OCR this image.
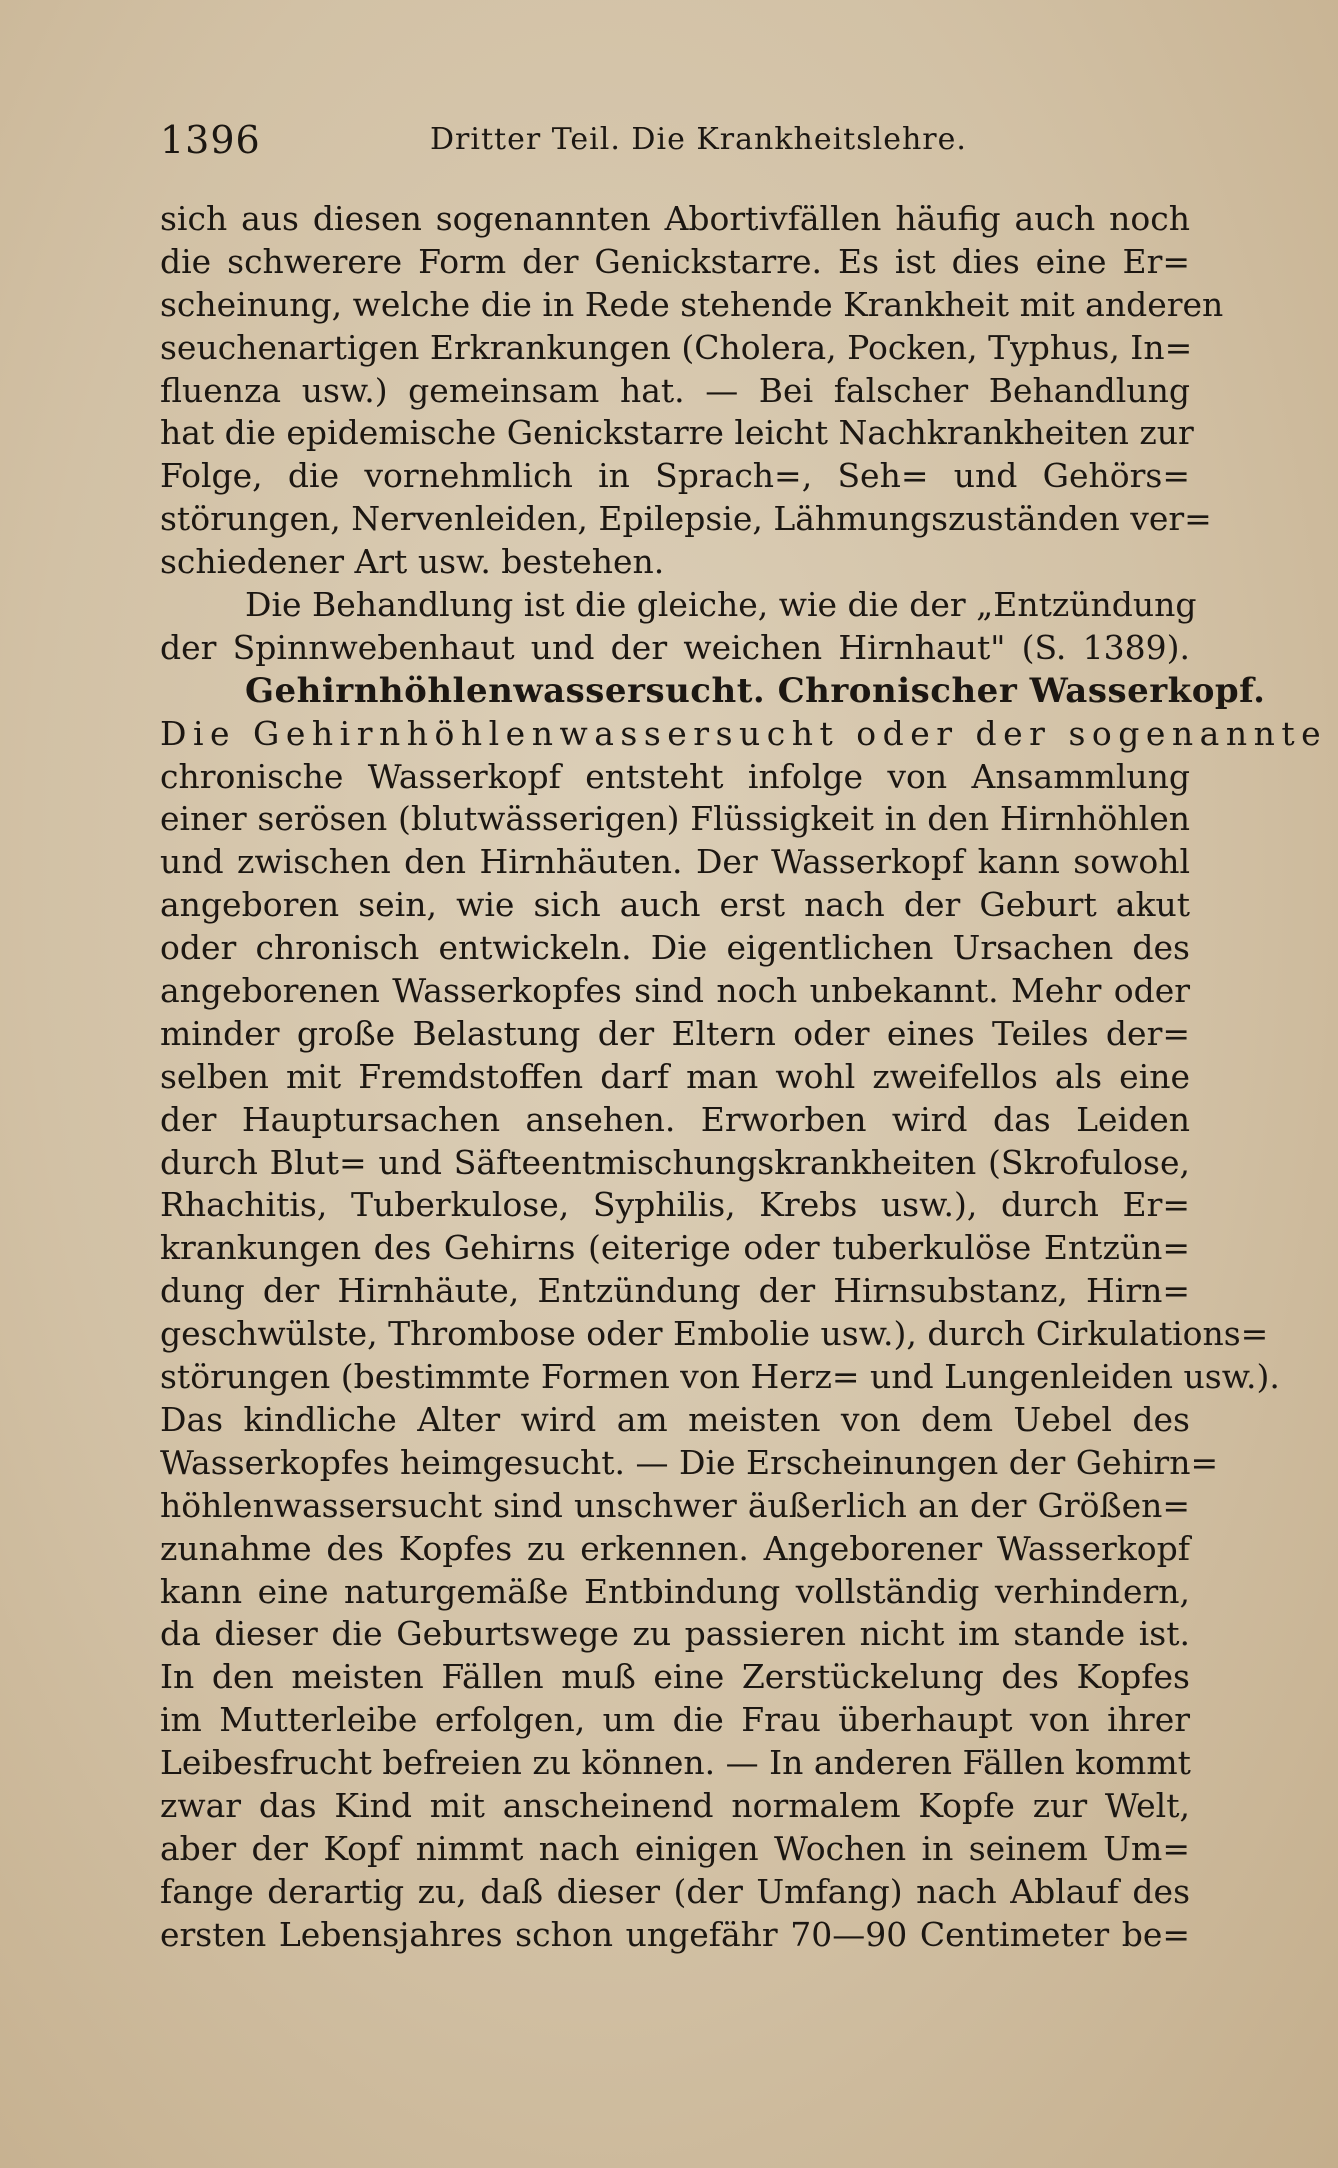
1396	Dritter Teil. Die Krankheitslehre.
sich aus diesen sogenannten Abortivfällen häufig auch noch
die schwerere Form der Genickstarre. Es ist dies eine Er=
scheinung, welche die in Rede stehende Krankheit mit anderen
seuchenartigen Erkrankungen (Cholera, Pocken, Typhus, In=
fluenza usw.) gemeinsam hat. — Bei falscher Behandlung
hat die epidemische Genickstarre leicht Nachkrankheiten zur
Folge, die vornehmlich in Sprach=, Seh= und Gehörs=
störungen, Nervenleiden, Epilepsie, Lähmungszuständen ver=
schiedener Art usw. bestehen.
Die Behandlung ist die gleiche, wie die der „Entzündung
der Spinnwebenhaut und der weichen Hirnhaut" (S. 1389).
Gehirnhöhlenwassersucht. Chronischer Wasserkopf.
Die Gehirnhöhlenwassersucht oder der sogenannte
chronische Wasserkopf entsteht infolge von Ansammlung
einer serösen (blutwässerigen) Flüssigkeit in den Hirnhöhlen
und zwischen den Hirnhäuten. Der Wasserkopf kann sowohl
angeboren sein, wie sich auch erst nach der Geburt akut
oder chronisch entwickeln. Die eigentlichen Ursachen des
angeborenen Wasserkopfes sind noch unbekannt. Mehr oder
minder große Belastung der Eltern oder eines Teiles der=
selben mit Fremdstoffen darf man wohl zweifellos als eine
der Hauptursachen ansehen. Erworben wird das Leiden
durch Blut= und Säfteentmischungskrankheiten (Skrofulose,
Rhachitis, Tuberkulose, Syphilis, Krebs usw.), durch Er=
krankungen des Gehirns (eiterige oder tuberkulöse Entzün=
dung der Hirnhäute, Entzündung der Hirnsubstanz, Hirn=
geschwülste, Thrombose oder Embolie usw.), durch Cirkulations=
störungen (bestimmte Formen von Herz= und Lungenleiden usw.).
Das kindliche Alter wird am meisten von dem Uebel des
Wasserkopfes heimgesucht. — Die Erscheinungen der Gehirn=
höhlenwassersucht sind unschwer äußerlich an der Größen=
zunahme des Kopfes zu erkennen. Angeborener Wasserkopf
kann eine naturgemäße Entbindung vollständig verhindern,
da dieser die Geburtswege zu passieren nicht im stande ist.
In den meisten Fällen muß eine Zerstückelung des Kopfes
im Mutterleibe erfolgen, um die Frau überhaupt von ihrer
Leibesfrucht befreien zu können. — In anderen Fällen kommt
zwar das Kind mit anscheinend normalem Kopfe zur Welt,
aber der Kopf nimmt nach einigen Wochen in seinem Um=
fange derartig zu, daß dieser (der Umfang) nach Ablauf des
ersten Lebensjahres schon ungefähr 70—90 Centimeter be=
